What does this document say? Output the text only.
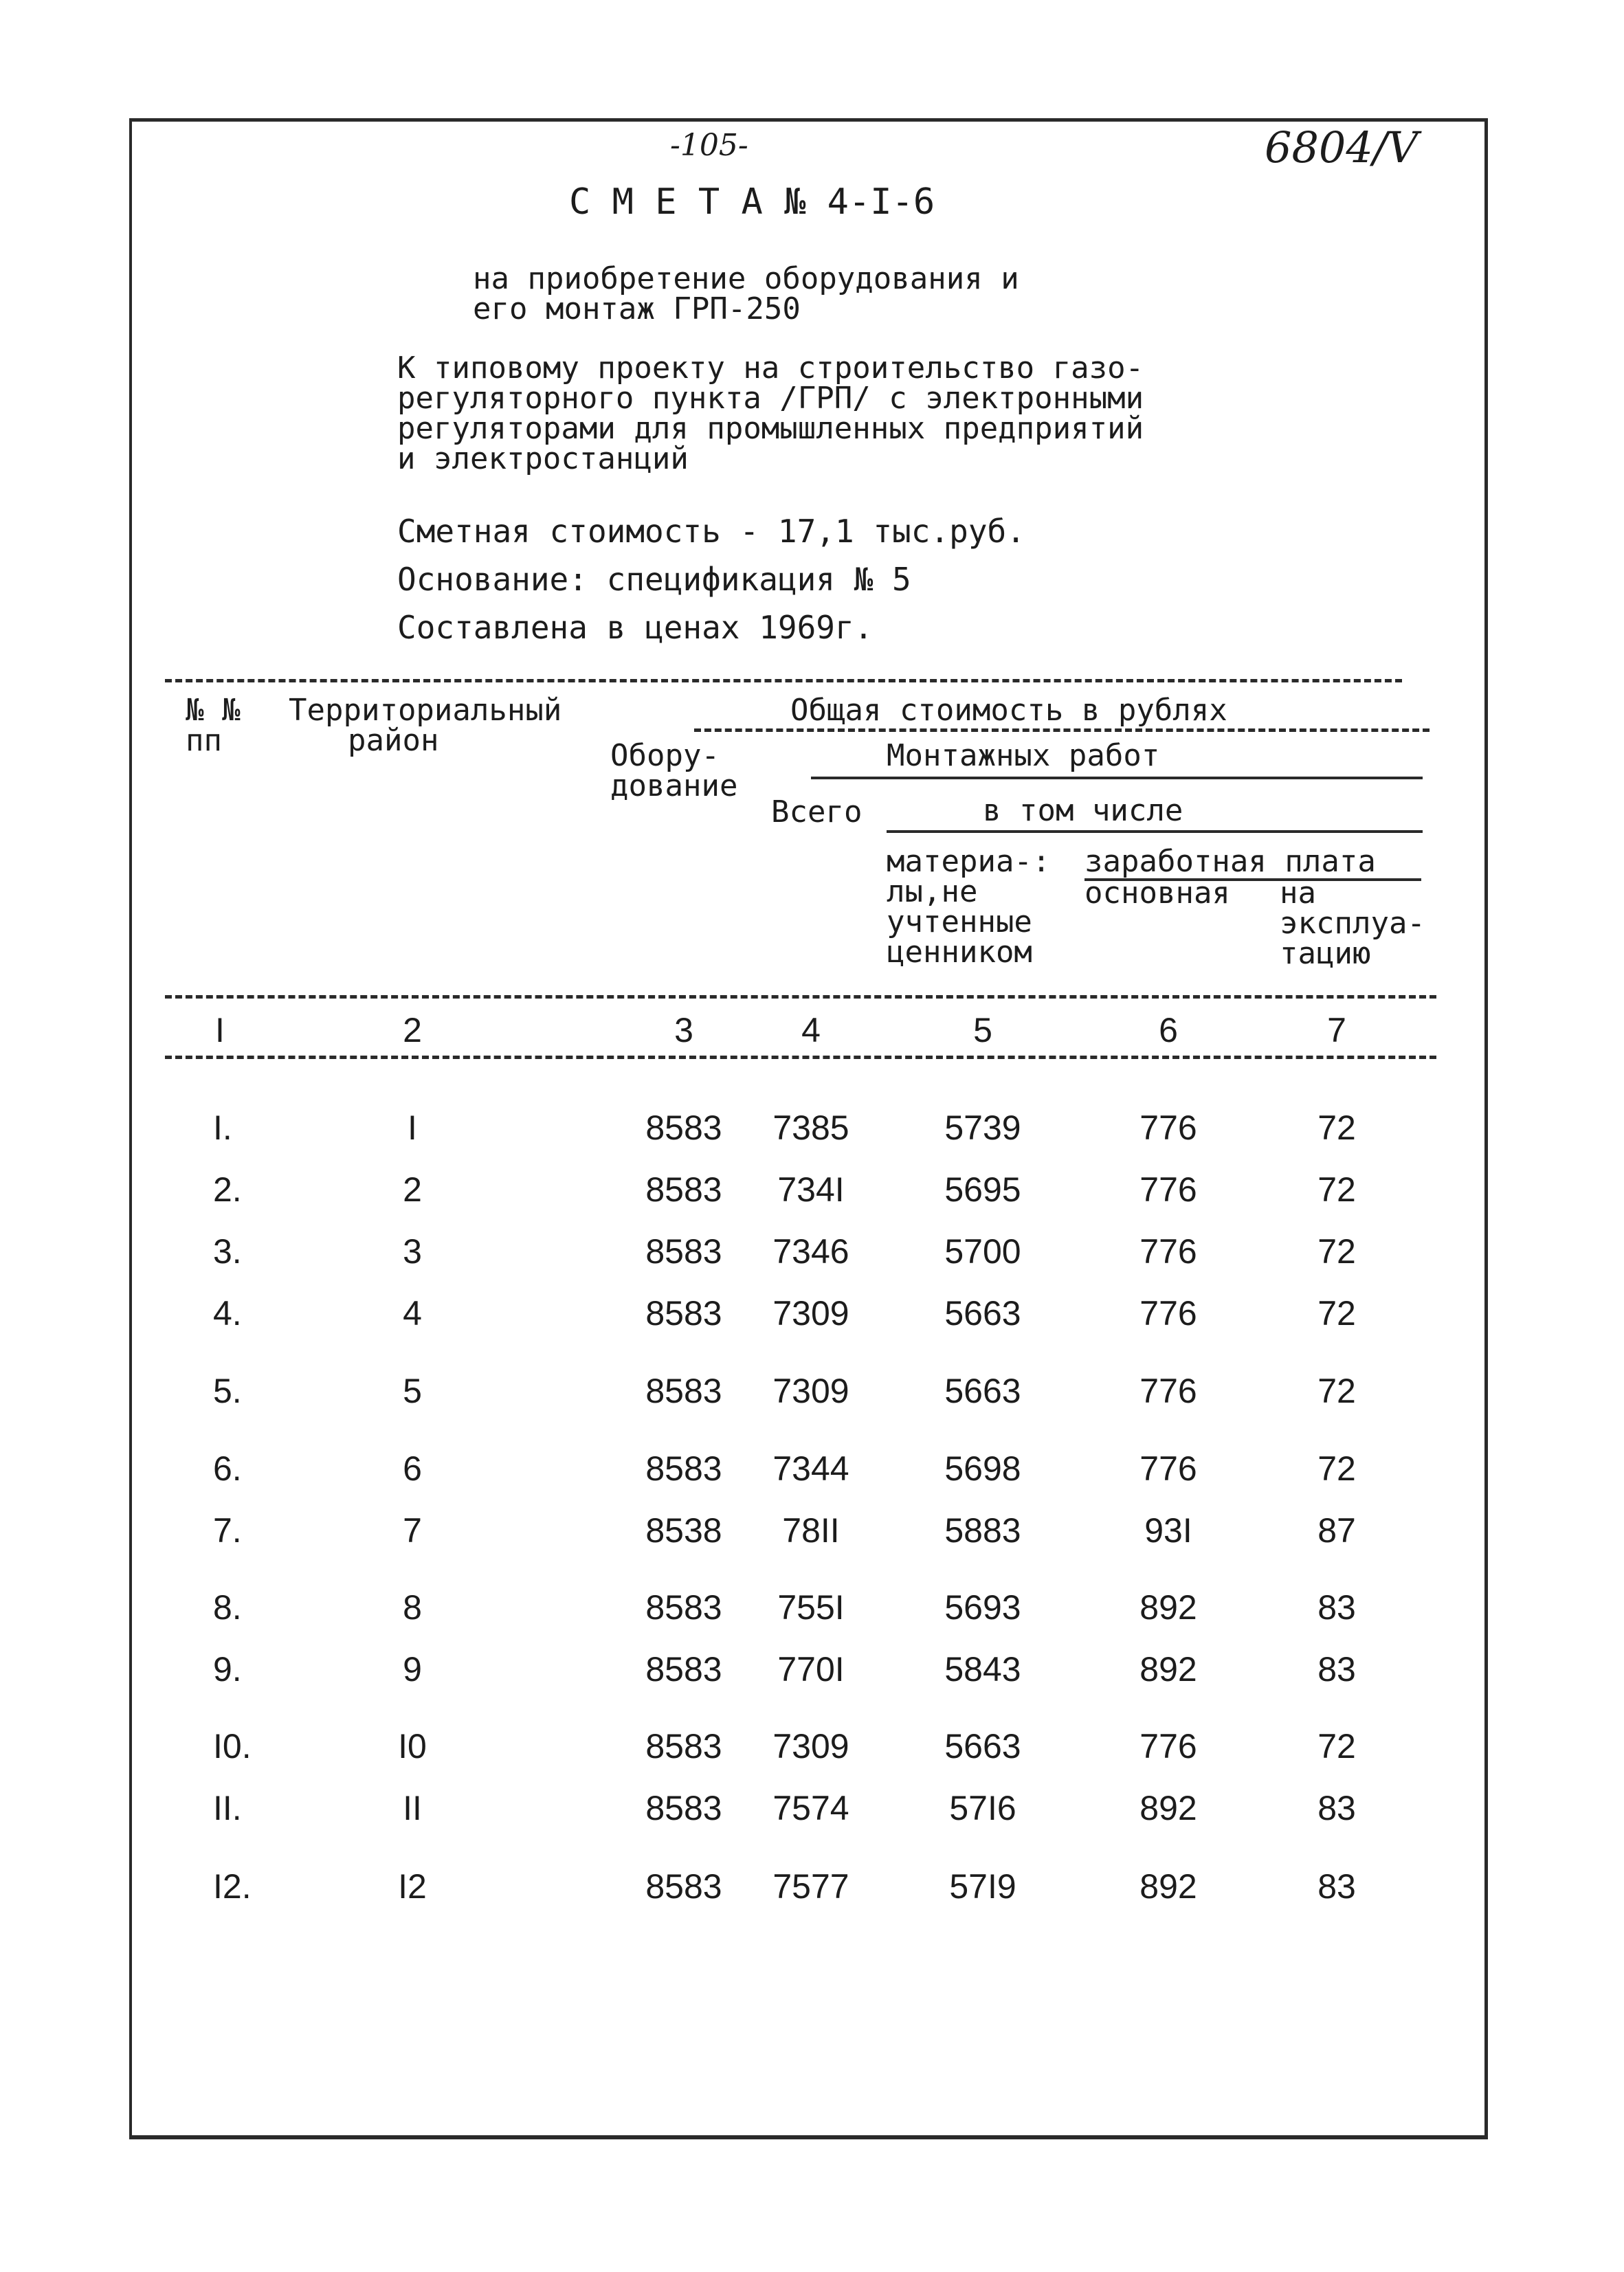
-105-	6804/V
С М Е Т А № 4-I-6
на приобретение оборудования и
его монтаж ГРП-250
К типовому проекту на строительство газо-
регуляторного пункта /ГРП/ с электронными
регуляторами для промышленных предприятий
и электростанций
Сметная стоимость - 17,1 тыс.руб.
Основание: спецификация № 5
Составлена в ценах 1969г.
№ №
пп
Территориальный
район
Общая стоимость в рублях
Обору-
дование
Монтажных работ
Всего	в том числе
материа-:
лы,не
учтенные
ценником
заработная плата
основная на
эксплуа-
тацию
I	2	3	4	5	6	7
I.	I	8583	7385	5739	776	72
2.	2	8583	734I	5695	776	72
3.	3	8583	7346	5700	776	72
4.	4	8583	7309	5663	776	72
5.	5	8583	7309	5663	776	72
6.	6	8583	7344	5698	776	72
7.	7	8538	78II	5883	93I	87
8.	8	8583	755I	5693	892	83
9.	9	8583	770I	5843	892	83
I0.	I0	8583	7309	5663	776	72
II.	II	8583	7574	57I6	892	83
I2.	I2	8583	7577	57I9	892	83
